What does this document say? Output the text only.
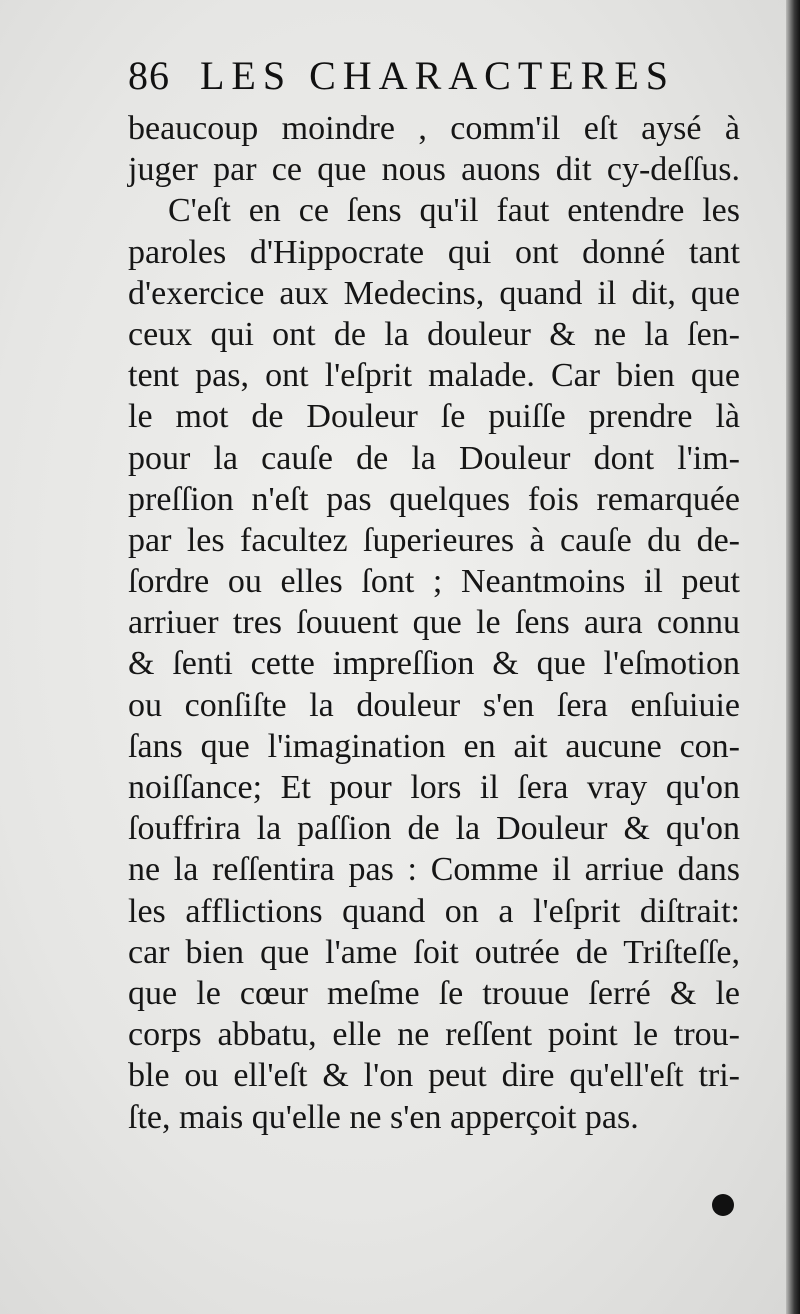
86 LES CHARACTERES
beaucoup moindre , comm'il eſt aysé à
juger par ce que nous auons dit cy-deſſus.
C'eſt en ce ſens qu'il faut entendre les
paroles d'Hippocrate qui ont donné tant
d'exercice aux Medecins, quand il dit, que
ceux qui ont de la douleur & ne la ſen-
tent pas, ont l'eſprit malade. Car bien que
le mot de Douleur ſe puiſſe prendre là
pour la cauſe de la Douleur dont l'im-
preſſion n'eſt pas quelques fois remarquée
par les facultez ſuperieures à cauſe du de-
ſordre ou elles ſont ; Neantmoins il peut
arriuer tres ſouuent que le ſens aura connu
& ſenti cette impreſſion & que l'eſmotion
ou conſiſte la douleur s'en ſera enſuiuie
ſans que l'imagination en ait aucune con-
noiſſance; Et pour lors il ſera vray qu'on
ſouffrira la paſſion de la Douleur & qu'on
ne la reſſentira pas : Comme il arriue dans
les afflictions quand on a l'eſprit diſtrait:
car bien que l'ame ſoit outrée de Triſteſſe,
que le cœur meſme ſe trouue ſerré & le
corps abbatu, elle ne reſſent point le trou-
ble ou ell'eſt & l'on peut dire qu'ell'eſt tri-
ſte, mais qu'elle ne s'en apperçoit pas.
